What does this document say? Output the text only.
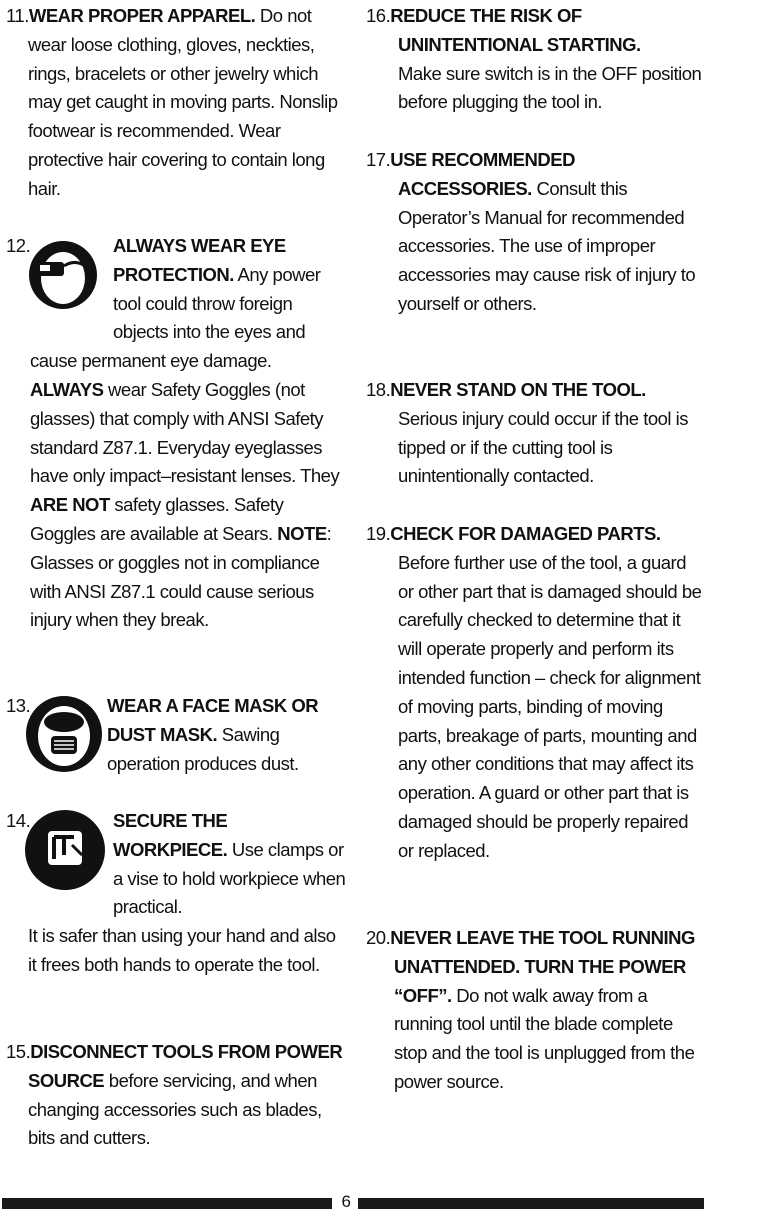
11.WEAR PROPER APPAREL. Do not wear loose clothing, gloves, neckties, rings, bracelets or other jewelry which may get caught in moving parts. Nonslip footwear is recommended. Wear protective hair covering to contain long hair.

12.	ALWAYS WEAR EYE PROTECTION. Any power tool could throw foreign objects into the eyes and

cause permanent eye damage.
ALWAYS wear Safety Goggles (not glasses) that comply with ANSI Safety standard Z87.1. Everyday eyeglasses have only impact–resistant lenses. They ARE NOT safety glasses. Safety Goggles are available at Sears. NOTE: Glasses or goggles not in compliance with ANSI Z87.1 could cause serious injury when they break.

13.	WEAR A FACE MASK OR DUST MASK. Sawing operation produces dust.

14.	SECURE THE WORKPIECE. Use clamps or a vise to hold workpiece when practical.

It is safer than using your hand and also it frees both hands to operate the tool.

15.DISCONNECT TOOLS FROM POWER SOURCE before servicing, and when changing accessories such as blades, bits and cutters.

16.REDUCE THE RISK OF UNINTENTIONAL STARTING.
Make sure switch is in the OFF position before plugging the tool in.

17.USE RECOMMENDED ACCESSORIES. Consult this Operator’s Manual for recommended accessories. The use of improper accessories may cause risk of injury to yourself or others.

18.NEVER STAND ON THE TOOL.
Serious injury could occur if the tool is tipped or if the cutting tool is unintentionally contacted.

19.CHECK FOR DAMAGED PARTS.
Before further use of the tool, a guard or other part that is damaged should be carefully checked to determine that it will operate properly and perform its intended function – check for alignment of moving parts, binding of moving parts, breakage of parts, mounting and any other conditions that may affect its operation. A guard or other part that is damaged should be properly repaired or replaced.

20.NEVER LEAVE THE TOOL RUNNING UNATTENDED. TURN THE POWER “OFF”. Do not walk away from a running tool until the blade complete stop and the tool is unplugged from the power source.

6
